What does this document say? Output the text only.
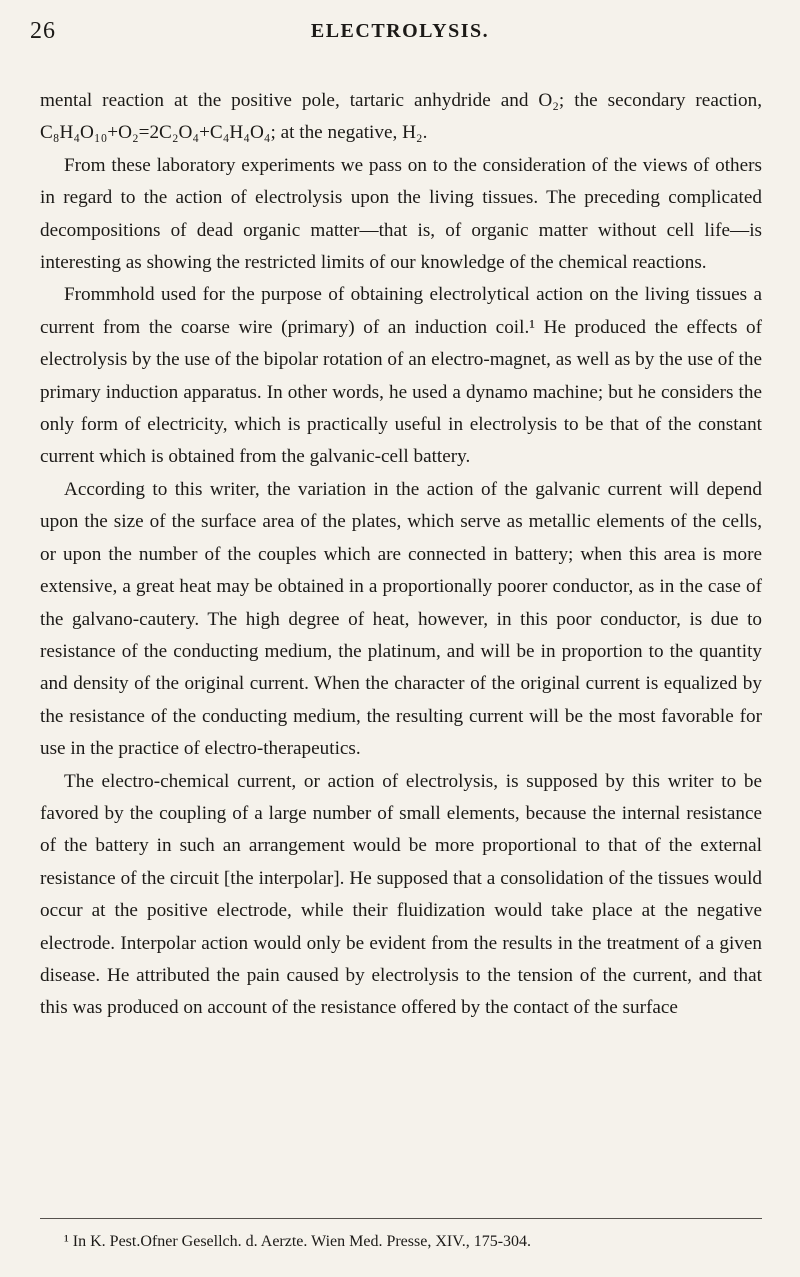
26	ELECTROLYSIS.

mental reaction at the positive pole, tartaric anhydride and O₂; the secondary reaction, C₈H₄O₁₀+O₂=2C₂O₄+C₄H₄O₄; at the negative, H₂.

From these laboratory experiments we pass on to the consideration of the views of others in regard to the action of electrolysis upon the living tissues. The preceding complicated decompositions of dead organic matter—that is, of organic matter without cell life—is interesting as showing the restricted limits of our knowledge of the chemical reactions.

Frommhold used for the purpose of obtaining electrolytical action on the living tissues a current from the coarse wire (primary) of an induction coil.¹ He produced the effects of electrolysis by the use of the bipolar rotation of an electro-magnet, as well as by the use of the primary induction apparatus. In other words, he used a dynamo machine; but he considers the only form of electricity, which is practically useful in electrolysis to be that of the constant current which is obtained from the galvanic-cell battery.

According to this writer, the variation in the action of the galvanic current will depend upon the size of the surface area of the plates, which serve as metallic elements of the cells, or upon the number of the couples which are connected in battery; when this area is more extensive, a great heat may be obtained in a proportionally poorer conductor, as in the case of the galvano-cautery. The high degree of heat, however, in this poor conductor, is due to resistance of the conducting medium, the platinum, and will be in proportion to the quantity and density of the original current. When the character of the original current is equalized by the resistance of the conducting medium, the resulting current will be the most favorable for use in the practice of electro-therapeutics.

The electro-chemical current, or action of electrolysis, is supposed by this writer to be favored by the coupling of a large number of small elements, because the internal resistance of the battery in such an arrangement would be more proportional to that of the external resistance of the circuit [the interpolar]. He supposed that a consolidation of the tissues would occur at the positive electrode, while their fluidization would take place at the negative electrode. Interpolar action would only be evident from the results in the treatment of a given disease. He attributed the pain caused by electrolysis to the tension of the current, and that this was produced on account of the resistance offered by the contact of the surface

¹ In K. Pest.Ofner Gesellch. d. Aerzte. Wien Med. Presse, XIV., 175-304.
